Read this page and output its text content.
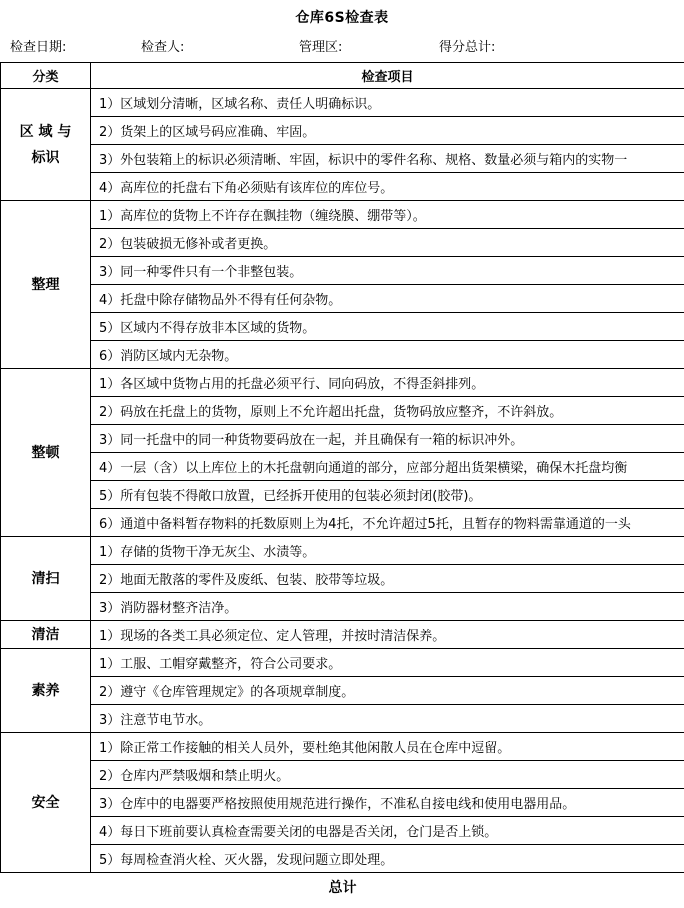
仓库6S检查表
检查日期:	检查人:	管理区:	得分总计:
分类	检查项目

区 域 与
标识	1）区域划分清晰，区域名称、责任人明确标识。
	2）货架上的区域号码应准确、牢固。
	3）外包装箱上的标识必须清晰、牢固，标识中的零件名称、规格、数量必须与箱内的实物一
	4）高库位的托盘右下角必须贴有该库位的库位号。

整理	1）高库位的货物上不许存在飘挂物（缠绕膜、绷带等）。
	2）包装破损无修补或者更换。
	3）同一种零件只有一个非整包装。
	4）托盘中除存储物品外不得有任何杂物。
	5）区域内不得存放非本区域的货物。
	6）消防区域内无杂物。

整顿	1）各区域中货物占用的托盘必须平行、同向码放，不得歪斜排列。
	2）码放在托盘上的货物，原则上不允许超出托盘，货物码放应整齐，不许斜放。
	3）同一托盘中的同一种货物要码放在一起，并且确保有一箱的标识冲外。
	4）一层（含）以上库位上的木托盘朝向通道的部分，应部分超出货架横梁，确保木托盘均衡
	5）所有包装不得敞口放置，已经拆开使用的包装必须封闭(胶带)。
	6）通道中备料暂存物料的托数原则上为4托，不允许超过5托，且暂存的物料需靠通道的一头

清扫	1）存储的货物干净无灰尘、水渍等。
	2）地面无散落的零件及废纸、包装、胶带等垃圾。
	3）消防器材整齐洁净。

清洁	1）现场的各类工具必须定位、定人管理，并按时清洁保养。

素养	1）工服、工帽穿戴整齐，符合公司要求。
	2）遵守《仓库管理规定》的各项规章制度。
	3）注意节电节水。

安全	1）除正常工作接触的相关人员外，要杜绝其他闲散人员在仓库中逗留。
	2）仓库内严禁吸烟和禁止明火。
	3）仓库中的电器要严格按照使用规范进行操作，不准私自接电线和使用电器用品。
	4）每日下班前要认真检查需要关闭的电器是否关闭，仓门是否上锁。
	5）每周检查消火栓、灭火器，发现问题立即处理。
总计	
